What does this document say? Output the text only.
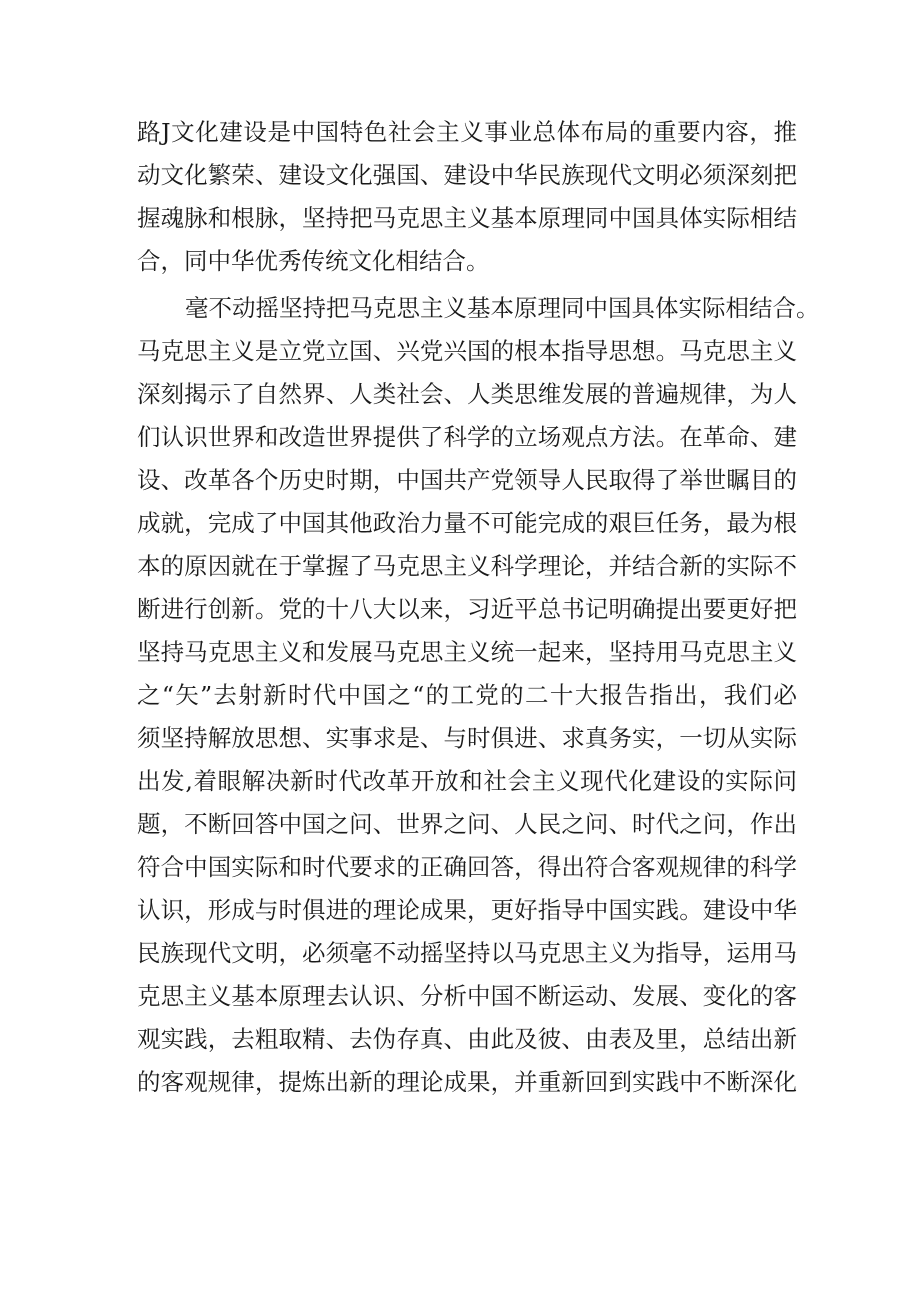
路J文化建设是中国特色社会主义事业总体布局的重要内容，推
动文化繁荣、建设文化强国、建设中华民族现代文明必须深刻把
握魂脉和根脉，坚持把马克思主义基本原理同中国具体实际相结
合，同中华优秀传统文化相结合。
毫不动摇坚持把马克思主义基本原理同中国具体实际相结合。
马克思主义是立党立国、兴党兴国的根本指导思想。马克思主义
深刻揭示了自然界、人类社会、人类思维发展的普遍规律，为人
们认识世界和改造世界提供了科学的立场观点方法。在革命、建
设、改革各个历史时期，中国共产党领导人民取得了举世瞩目的
成就，完成了中国其他政治力量不可能完成的艰巨任务，最为根
本的原因就在于掌握了马克思主义科学理论，并结合新的实际不
断进行创新。党的十八大以来，习近平总书记明确提出要更好把
坚持马克思主义和发展马克思主义统一起来，坚持用马克思主义
之“矢”去射新时代中国之“的工党的二十大报告指出，我们必
须坚持解放思想、实事求是、与时俱进、求真务实，一切从实际
出发,着眼解决新时代改革开放和社会主义现代化建设的实际问
题，不断回答中国之问、世界之问、人民之问、时代之问，作出
符合中国实际和时代要求的正确回答，得出符合客观规律的科学
认识，形成与时俱进的理论成果，更好指导中国实践。建设中华
民族现代文明，必须毫不动摇坚持以马克思主义为指导，运用马
克思主义基本原理去认识、分析中国不断运动、发展、变化的客
观实践，去粗取精、去伪存真、由此及彼、由表及里，总结出新
的客观规律，提炼出新的理论成果，并重新回到实践中不断深化
